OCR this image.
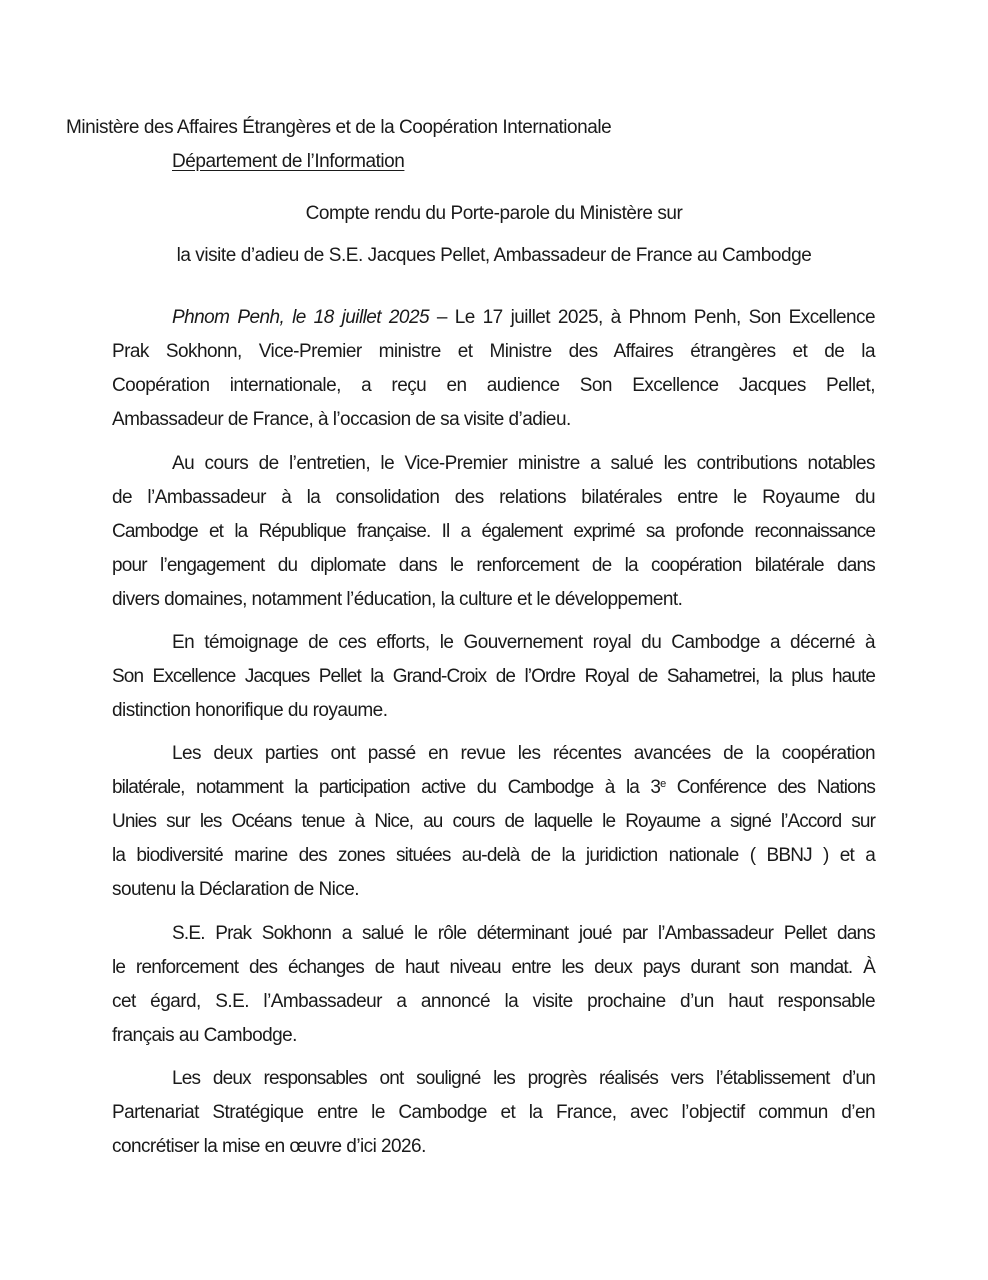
Ministère des Affaires Étrangères et de la Coopération Internationale
Département de l’Information
Compte rendu du Porte-parole du Ministère sur
la visite d’adieu de S.E. Jacques Pellet, Ambassadeur de France au Cambodge
Phnom Penh, le 18 juillet 2025 – Le 17 juillet 2025, à Phnom Penh, Son Excellence
Prak Sokhonn, Vice-Premier ministre et Ministre des Affaires étrangères et de la
Coopération internationale, a reçu en audience Son Excellence Jacques Pellet,
Ambassadeur de France, à l’occasion de sa visite d’adieu.
Au cours de l’entretien, le Vice-Premier ministre a salué les contributions notables
de l’Ambassadeur à la consolidation des relations bilatérales entre le Royaume du
Cambodge et la République française. Il a également exprimé sa profonde reconnaissance
pour l’engagement du diplomate dans le renforcement de la coopération bilatérale dans
divers domaines, notamment l’éducation, la culture et le développement.
En témoignage de ces efforts, le Gouvernement royal du Cambodge a décerné à
Son Excellence Jacques Pellet la Grand-Croix de l’Ordre Royal de Sahametrei, la plus haute
distinction honorifique du royaume.
Les deux parties ont passé en revue les récentes avancées de la coopération
bilatérale, notamment la participation active du Cambodge à la 3e Conférence des Nations
Unies sur les Océans tenue à Nice, au cours de laquelle le Royaume a signé l’Accord sur
la biodiversité marine des zones situées au-delà de la juridiction nationale ( BBNJ ) et a
soutenu la Déclaration de Nice.
S.E. Prak Sokhonn a salué le rôle déterminant joué par l’Ambassadeur Pellet dans
le renforcement des échanges de haut niveau entre les deux pays durant son mandat. À
cet égard, S.E. l’Ambassadeur a annoncé la visite prochaine d’un haut responsable
français au Cambodge.
Les deux responsables ont souligné les progrès réalisés vers l’établissement d’un
Partenariat Stratégique entre le Cambodge et la France, avec l’objectif commun d’en
concrétiser la mise en œuvre d’ici 2026.
